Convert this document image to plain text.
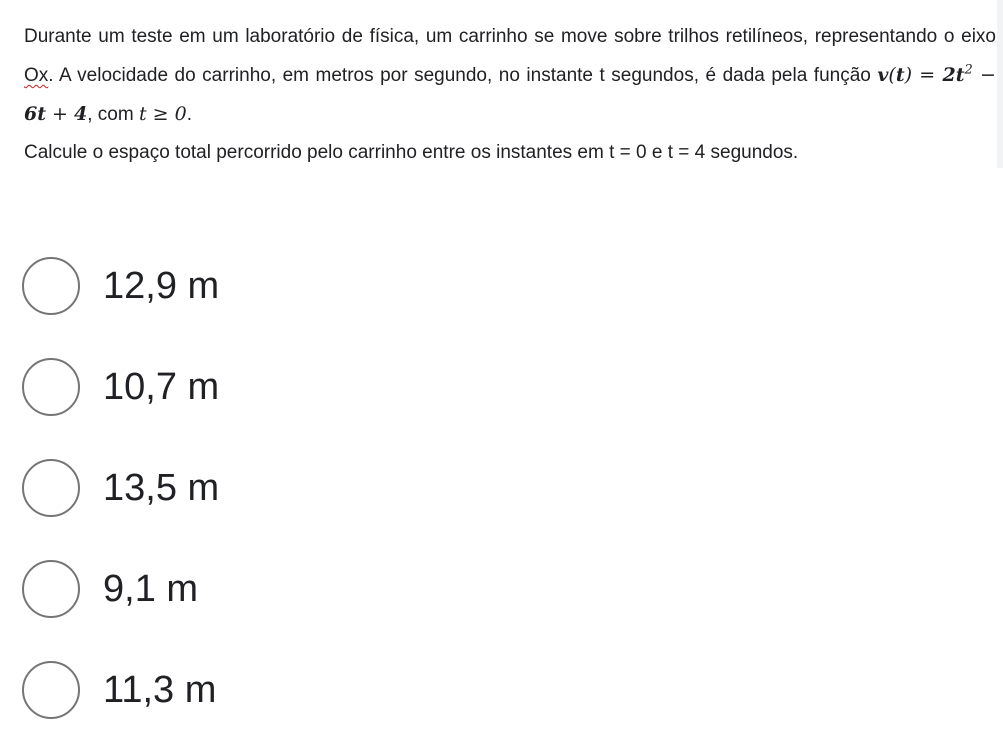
Durante um teste em um laboratório de física, um carrinho se move sobre trilhos retilíneos, representando o eixo Ox. A velocidade do carrinho, em metros por segundo, no instante t segundos, é dada pela função $v(t) = 2t^2 - 6t + 4$, com t ≥ 0.

Calcule o espaço total percorrido pelo carrinho entre os instantes em t = 0 e t = 4 segundos.

12,9 m
10,7 m
13,5 m
9,1 m
11,3 m
